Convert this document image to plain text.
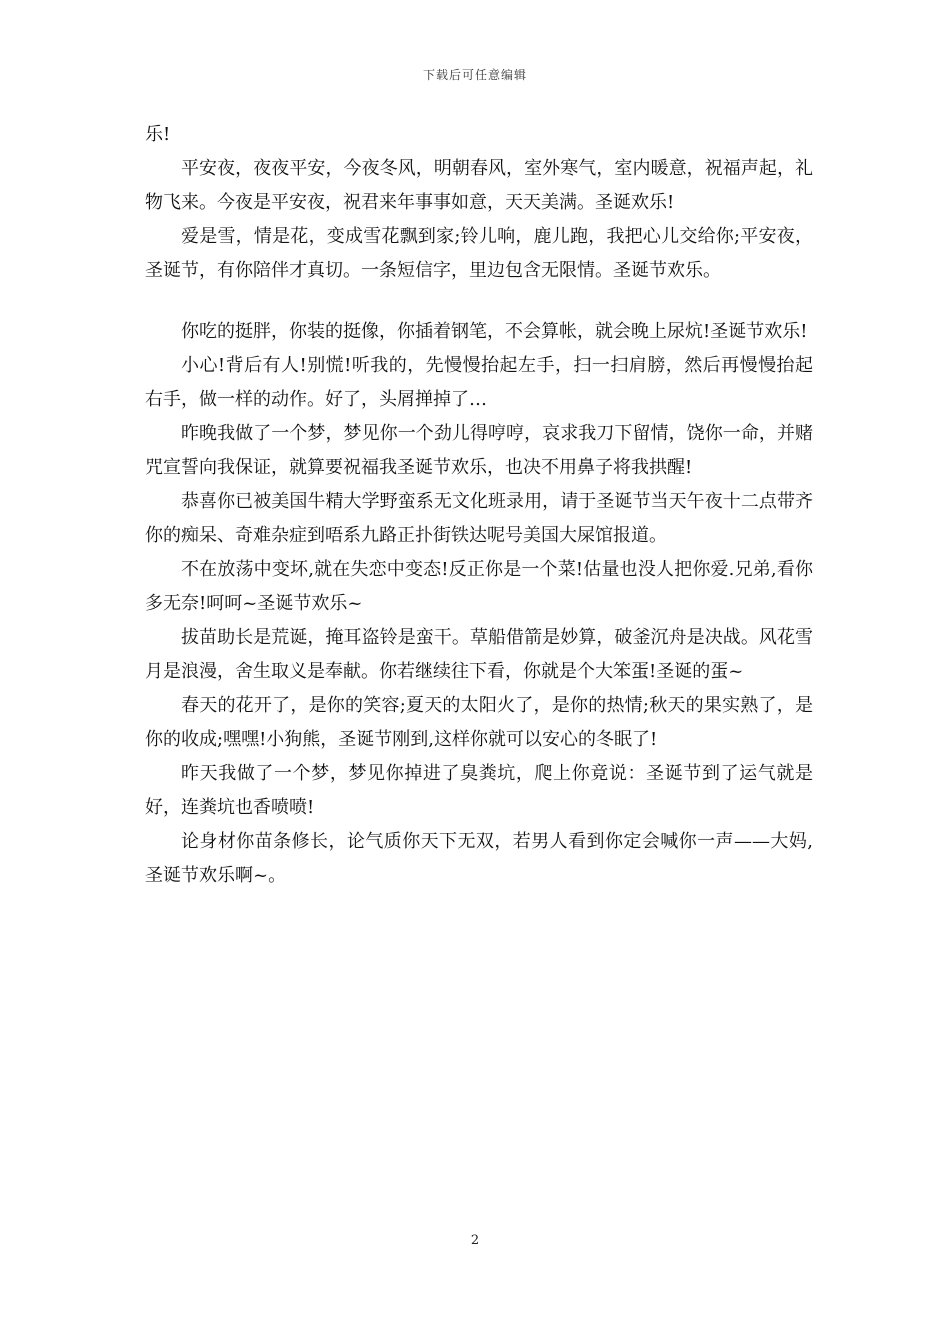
下载后可任意编辑

乐!

平安夜，夜夜平安，今夜冬风，明朝春风，室外寒气，室内暖意，祝福声起，礼物飞来。今夜是平安夜，祝君来年事事如意，天天美满。圣诞欢乐!

爱是雪，情是花，变成雪花飘到家;铃儿响，鹿儿跑，我把心儿交给你;平安夜，圣诞节，有你陪伴才真切。一条短信字，里边包含无限情。圣诞节欢乐。

你吃的挺胖，你装的挺像，你插着钢笔，不会算帐，就会晚上尿炕!圣诞节欢乐!

小心!背后有人!别慌!听我的，先慢慢抬起左手，扫一扫肩膀，然后再慢慢抬起右手，做一样的动作。好了，头屑掸掉了…

昨晚我做了一个梦，梦见你一个劲儿得哼哼，哀求我刀下留情，饶你一命，并赌咒宣誓向我保证，就算要祝福我圣诞节欢乐，也决不用鼻子将我拱醒!

恭喜你已被美国牛精大学野蛮系无文化班录用，请于圣诞节当天午夜十二点带齐你的痴呆、奇难杂症到唔系九路正扑街铁达呢号美国大屎馆报道。

不在放荡中变坏,就在失恋中变态!反正你是一个菜!估量也没人把你爱.兄弟,看你多无奈!呵呵~圣诞节欢乐~

拔苗助长是荒诞，掩耳盗铃是蛮干。草船借箭是妙算，破釜沉舟是决战。风花雪月是浪漫，舍生取义是奉献。你若继续往下看，你就是个大笨蛋!圣诞的蛋~

春天的花开了，是你的笑容;夏天的太阳火了，是你的热情;秋天的果实熟了，是你的收成;嘿嘿!小狗熊，圣诞节刚到,这样你就可以安心的冬眠了!

昨天我做了一个梦，梦见你掉进了臭粪坑，爬上你竟说：圣诞节到了运气就是好，连粪坑也香喷喷!

论身材你苗条修长，论气质你天下无双，若男人看到你定会喊你一声——大妈,圣诞节欢乐啊~。

2
